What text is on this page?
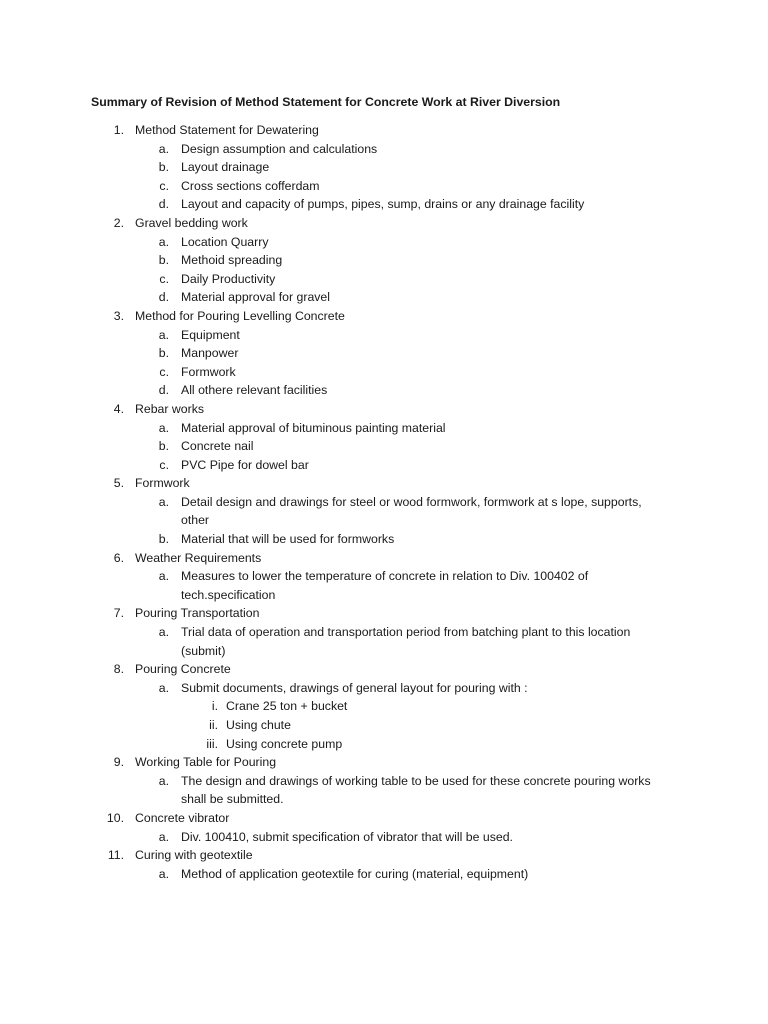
Summary of Revision of Method Statement for Concrete Work at River Diversion
1. Method Statement for Dewatering
a. Design assumption and calculations
b. Layout drainage
c. Cross sections cofferdam
d. Layout and capacity of pumps, pipes, sump, drains or any drainage facility
2. Gravel bedding work
a. Location Quarry
b. Methoid spreading
c. Daily Productivity
d. Material approval for gravel
3. Method for Pouring Levelling Concrete
a. Equipment
b. Manpower
c. Formwork
d. All othere relevant facilities
4. Rebar works
a. Material approval of bituminous painting material
b. Concrete nail
c. PVC Pipe for dowel bar
5. Formwork
a. Detail design and drawings for steel or wood formwork, formwork at s lope, supports, other
b. Material that will be used for formworks
6. Weather Requirements
a. Measures to lower the temperature of concrete in relation to Div. 100402 of tech.specification
7. Pouring Transportation
a. Trial data of operation and transportation period from batching plant to this location (submit)
8. Pouring Concrete
a. Submit documents, drawings of general layout for pouring with :
i. Crane 25 ton + bucket
ii. Using chute
iii. Using concrete pump
9. Working Table for Pouring
a. The design and drawings of working table to be used for these concrete pouring works shall be submitted.
10. Concrete vibrator
a. Div. 100410, submit specification of vibrator that will be used.
11. Curing with geotextile
a. Method of application geotextile for curing (material, equipment)
